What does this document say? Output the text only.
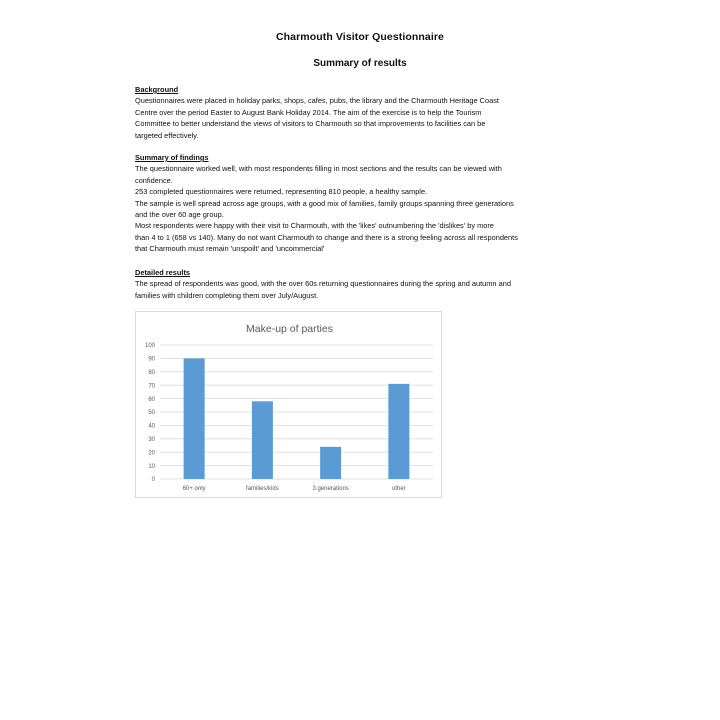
Charmouth Visitor Questionnaire
Summary of results
Background

Questionnaires were placed in holiday parks, shops, cafes, pubs, the library and the Charmouth Heritage Coast

Centre over the period Easter to August Bank Holiday 2014. The aim of the exercise is to help the Tourism

Committee to better understand the views of visitors to Charmouth so that improvements to facilities can be

targeted effectively.

Summary of findings

The questionnaire worked well, with most respondents filling in most sections and the results can be viewed with

confidence.

253 completed questionnaires were returned, representing 810 people, a healthy sample.

The sample is well spread across age groups, with a good mix of families, family groups spanning three generations

and the over 60 age group.

Most respondents were happy with their visit to Charmouth, with the 'likes' outnumbering the 'dislikes' by more

than 4 to 1 (658 vs 140). Many do not want Charmouth to change and there is a strong feeling across all respondents

that Charmouth must remain 'unspoilt' and 'uncommercial'

Detailed results

The spread of respondents was good, with the over 60s returning questionnaires during the spring and autumn and

families with children completing them over July/August.

Make-up of parties
0
10
20
30
40
50
60
70
80
90
100
60+ only	families/kids	3 generations	other
